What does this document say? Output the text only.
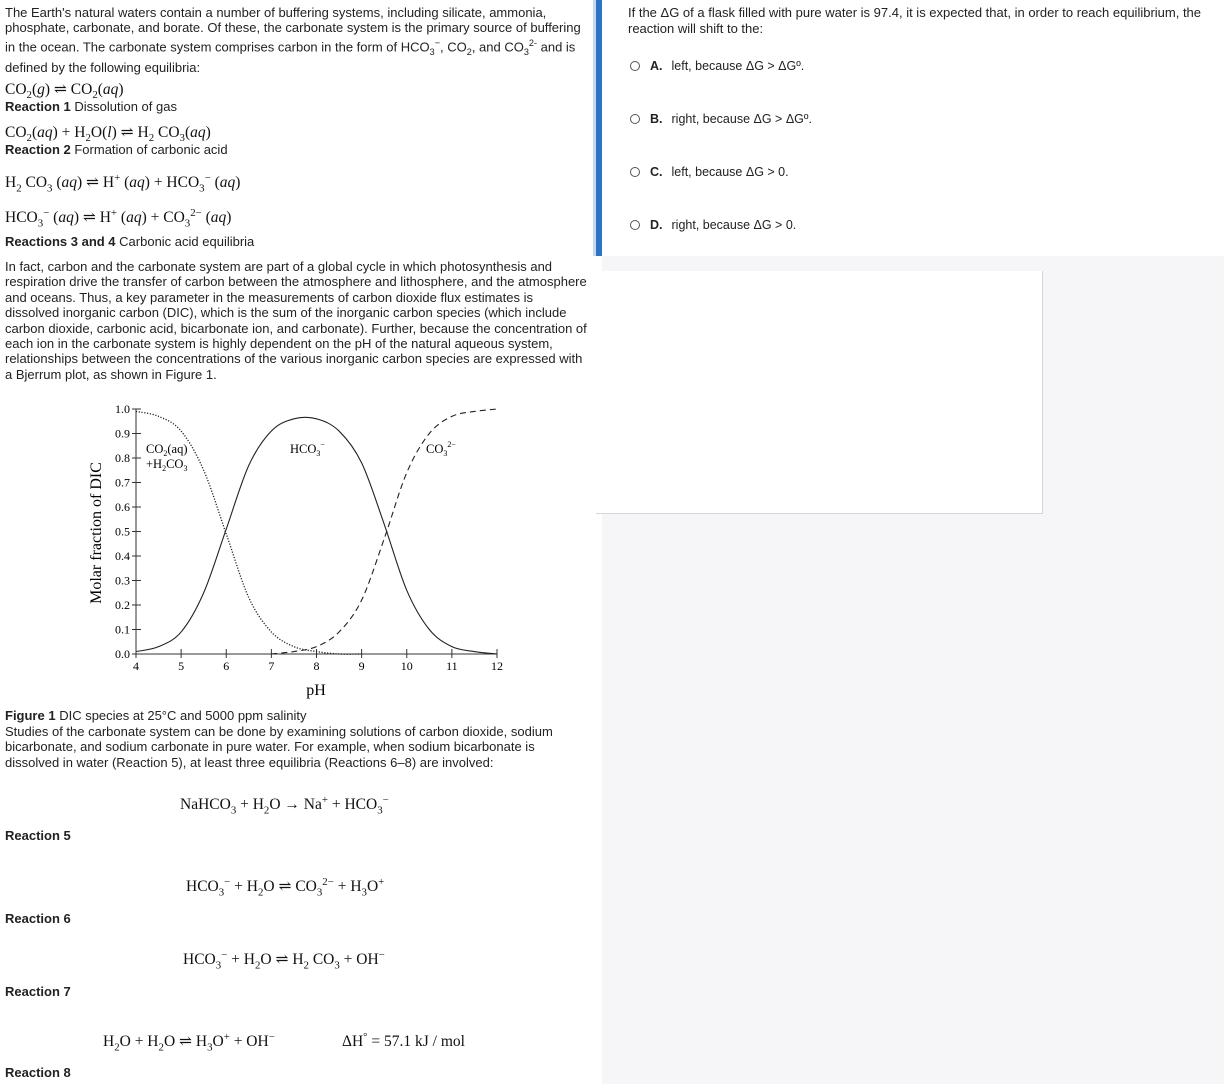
The Earth's natural waters contain a number of buffering systems, including silicate, ammonia, phosphate, carbonate, and borate. Of these, the carbonate system is the primary source of buffering in the ocean. The carbonate system comprises carbon in the form of $HCO_3^-$, $CO_2$, and $CO_3^{2-}$ and is defined by the following equilibria:
$CO_2(g)$ ⇌ $CO_2(aq)$
Reaction 1 Dissolution of gas
$CO_2(aq) + H_2O(l)$ ⇌ $H_2$ $CO_3(aq)$
Reaction 2 Formation of carbonic acid
$H_2$ $CO_3$ (aq) ⇌ H+ $(aq) + HCO_3^-$ (aq)
$HCO_3^-$ (aq) ⇌ H+ $(aq) + CO_3^{2-}$ (aq)
Reactions 3 and 4 Carbonic acid equilibria
In fact, carbon and the carbonate system are part of a global cycle in which photosynthesis and respiration drive the transfer of carbon between the atmosphere and lithosphere, and the atmosphere and oceans. Thus, a key parameter in the measurements of carbon dioxide flux estimates is dissolved inorganic carbon (DIC), which is the sum of the inorganic carbon species (which include carbon dioxide, carbonic acid, bicarbonate ion, and carbonate). Further, because the concentration of each ion in the carbonate system is highly dependent on the pH of the natural aqueous system, relationships between the concentrations of the various inorganic carbon species are expressed with a Bjerrum plot, as shown in Figure 1.
Molar fraction of DIC
pH
4	5	6	7	8	9	10	11	12
0.0
0.1
0.2
0.3
0.4
0.5
0.6
0.7
0.8
0.9
1.0
$CO_2(aq)$
$+H_2CO_3$
$HCO_3^-$	$CO_3^{2-}$
Figure 1 DIC species at 25°C and 5000 ppm salinity
Studies of the carbonate system can be done by examining solutions of carbon dioxide, sodium bicarbonate, and sodium carbonate in pure water. For example, when sodium bicarbonate is dissolved in water (Reaction 5), at least three equilibria (Reactions 6–8) are involved:
NaHCO$_3$ + $H_2O \to Na^+ + HCO_3^-$
Reaction 5
$HCO_3^- + H_2O$ ⇌ $CO_3^{2-} + H_3O^+$
Reaction 6
$HCO_3^- + H_2O$ ⇌ $H_2$ $CO_3 + OH^-$
Reaction 7
$H_2O + H_2O$ ⇌ $H_3O^+ + OH^-$	ΔH° = 57.1 kJ / mol
Reaction 8
If the ΔG of a flask filled with pure water is 97.4, it is expected that, in order to reach equilibrium, the reaction will shift to the:
A. left, because ΔG > ΔGº.
B. right, because ΔG > ΔGº.
C. left, because ΔG > 0.
D. right, because ΔG > 0.
